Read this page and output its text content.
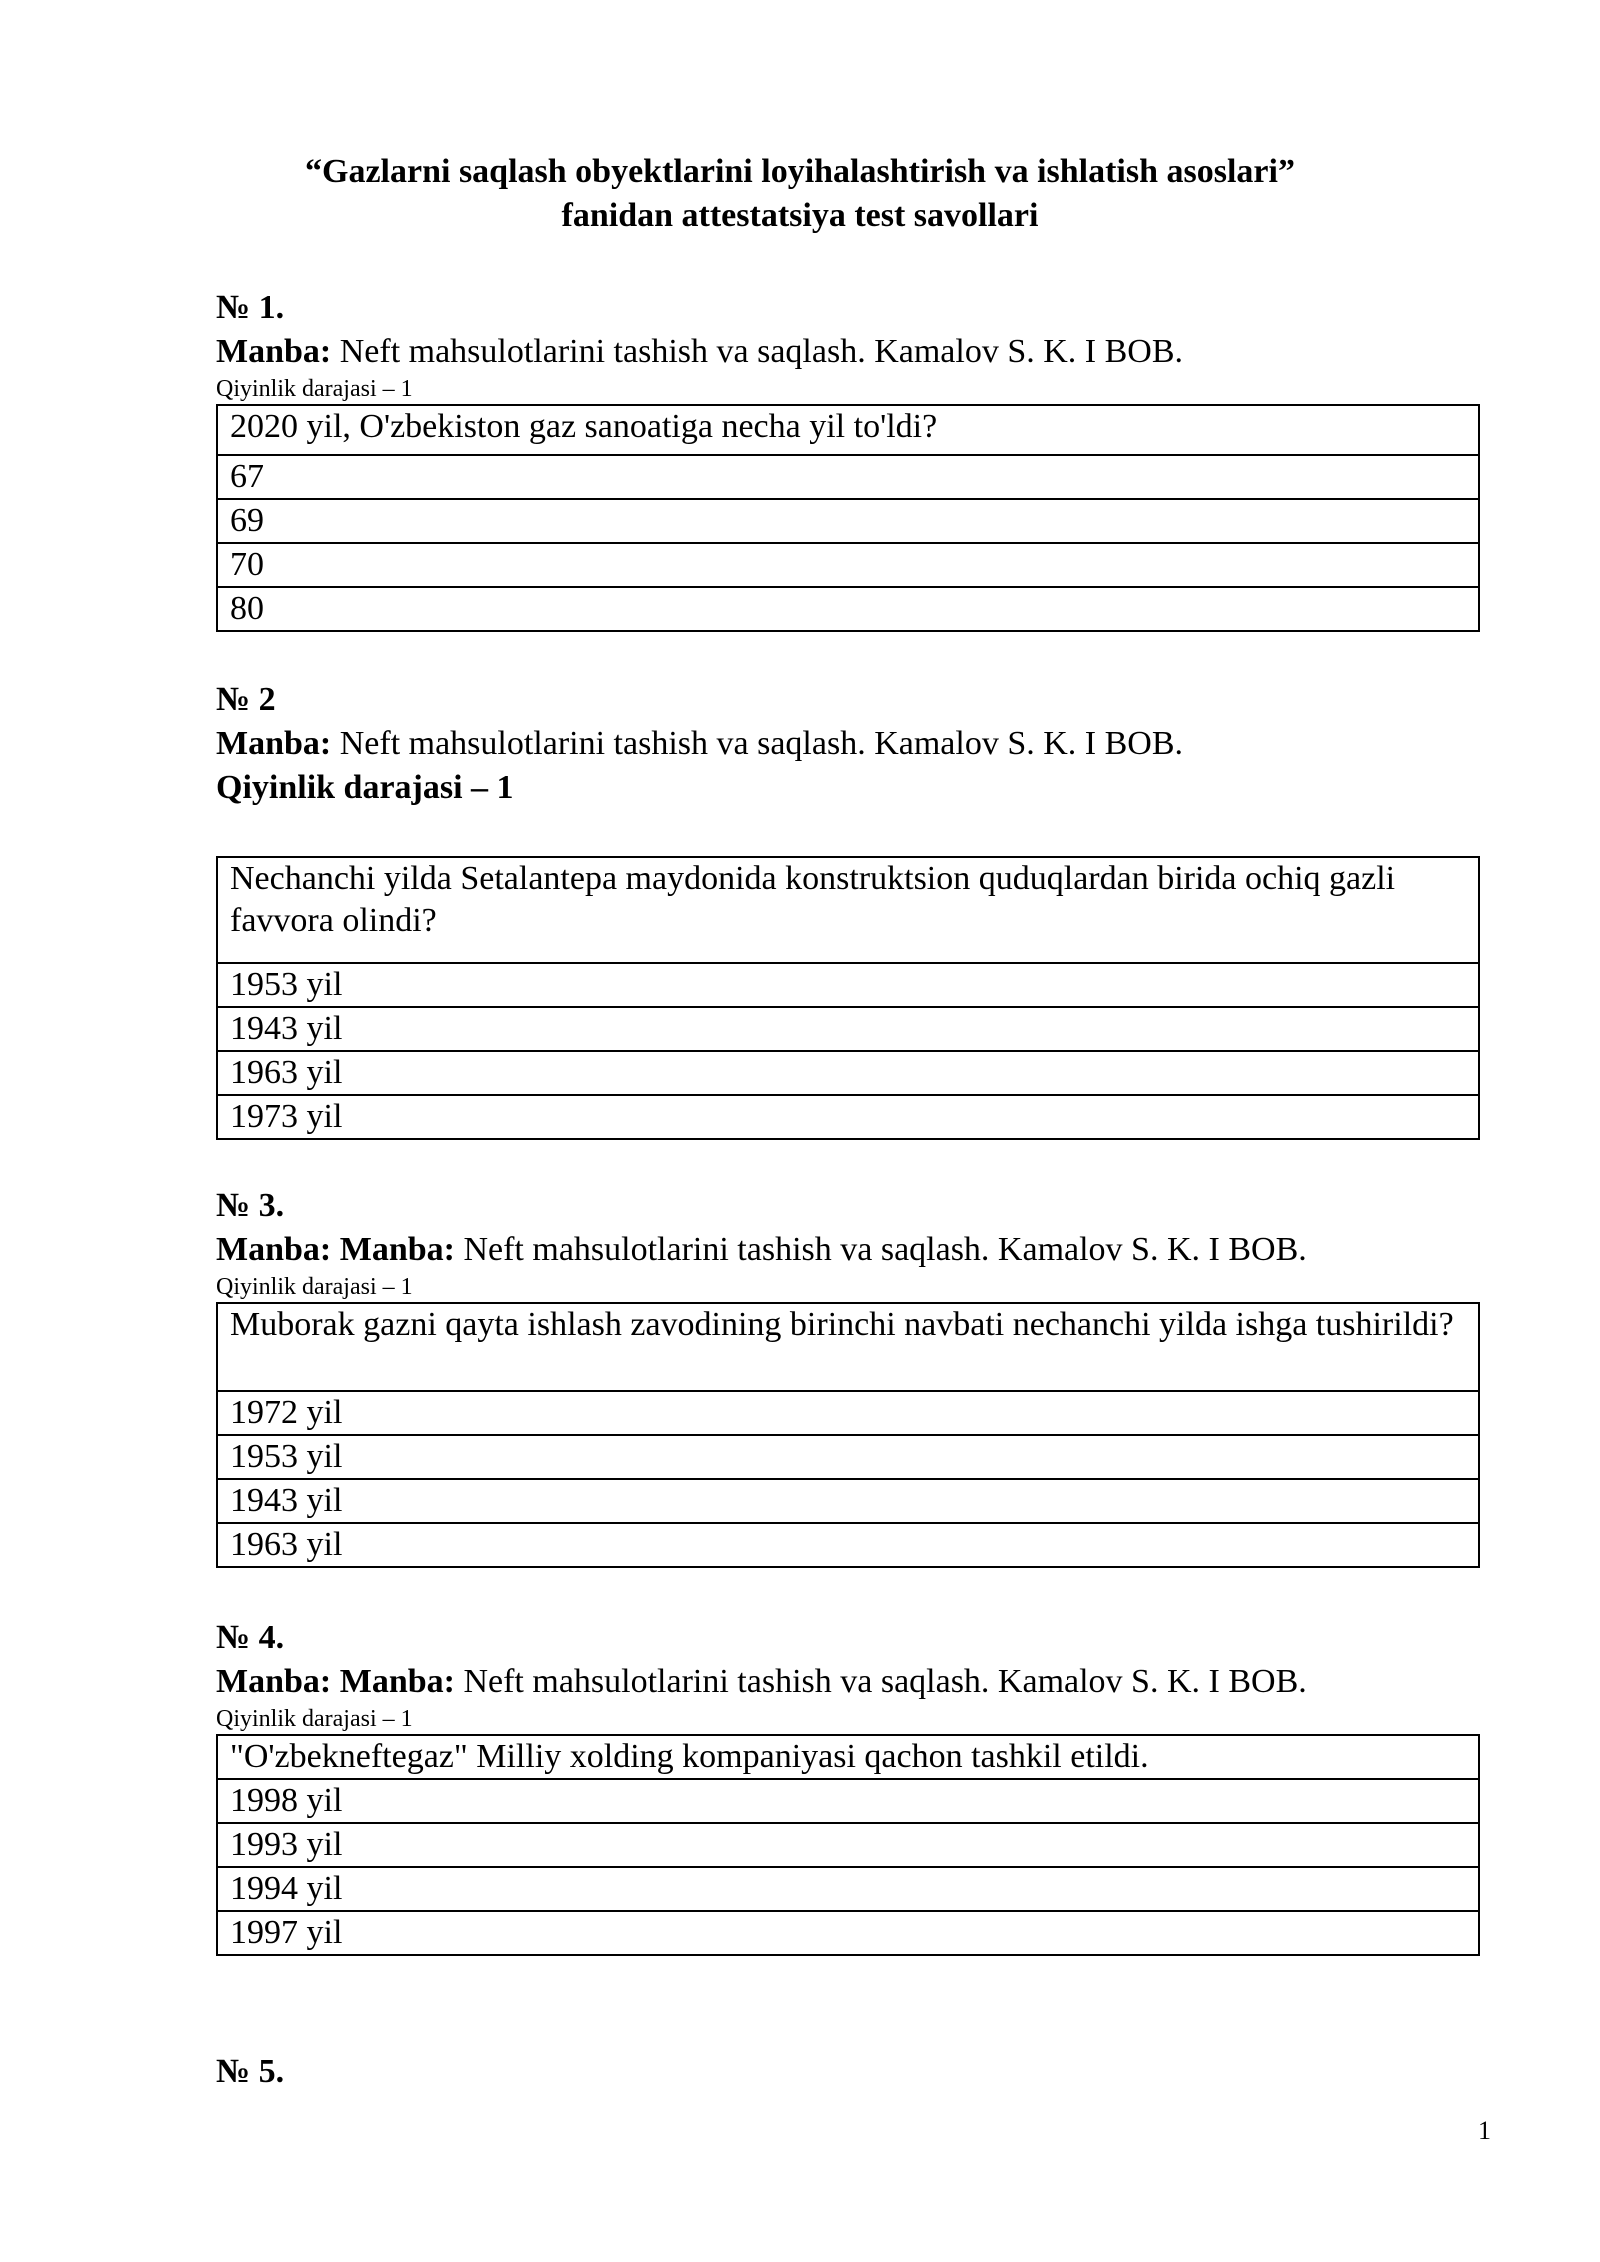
“Gazlarni saqlash obyektlarini loyihalashtirish va ishlatish asoslari”
fanidan attestatsiya test savollari
№ 1.
Manba: Neft mahsulotlarini tashish va saqlash. Kamalov S. K. I BOB.
Qiyinlik darajasi – 1
2020 yil, O'zbekiston gaz sanoatiga necha yil to'ldi?
67
69
70
80
№ 2
Manba: Neft mahsulotlarini tashish va saqlash. Kamalov S. K. I BOB.
Qiyinlik darajasi – 1
Nechanchi yilda Setalantepa maydonida konstruktsion quduqlardan birida ochiq gazli favvora olindi?
1953 yil
1943 yil
1963 yil
1973 yil
№ 3.
Manba: Manba: Neft mahsulotlarini tashish va saqlash. Kamalov S. K. I BOB.
Qiyinlik darajasi – 1
Muborak gazni qayta ishlash zavodining birinchi navbati nechanchi yilda ishga tushirildi?
1972 yil
1953 yil
1943 yil
1963 yil
№ 4.
Manba: Manba: Neft mahsulotlarini tashish va saqlash. Kamalov S. K. I BOB.
Qiyinlik darajasi – 1
"O'zbekneftegaz" Milliy xolding kompaniyasi qachon tashkil etildi.
1998 yil
1993 yil
1994 yil
1997 yil
№ 5.
1
